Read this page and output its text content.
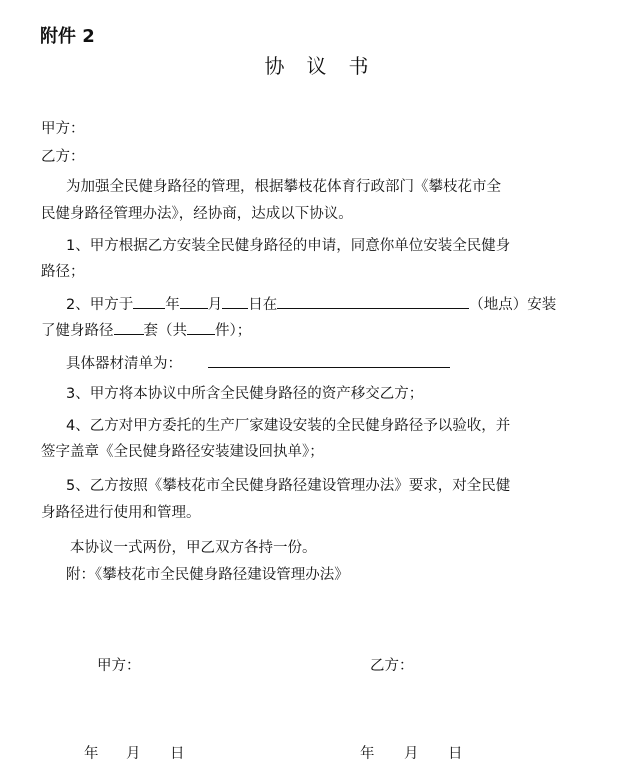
附件 2
协议书
甲方：
乙方：
为加强全民健身路径的管理，根据攀枝花体育行政部门《攀枝花市全
民健身路径管理办法》，经协商，达成以下协议。
1、甲方根据乙方安装全民健身路径的申请，同意你单位安装全民健身
路径；
2、甲方于 年 月 日在	（地点）安装
了健身路径 套（共 件）；
具体器材清单为：
3、甲方将本协议中所含全民健身路径的资产移交乙方；
4、乙方对甲方委托的生产厂家建设安装的全民健身路径予以验收，并
签字盖章《全民健身路径安装建设回执单》；
5、乙方按照《攀枝花市全民健身路径建设管理办法》要求，对全民健
身路径进行使用和管理。
本协议一式两份，甲乙双方各持一份。
附：《攀枝花市全民健身路径建设管理办法》
甲方：	乙方：
年 月 日	年 月 日
